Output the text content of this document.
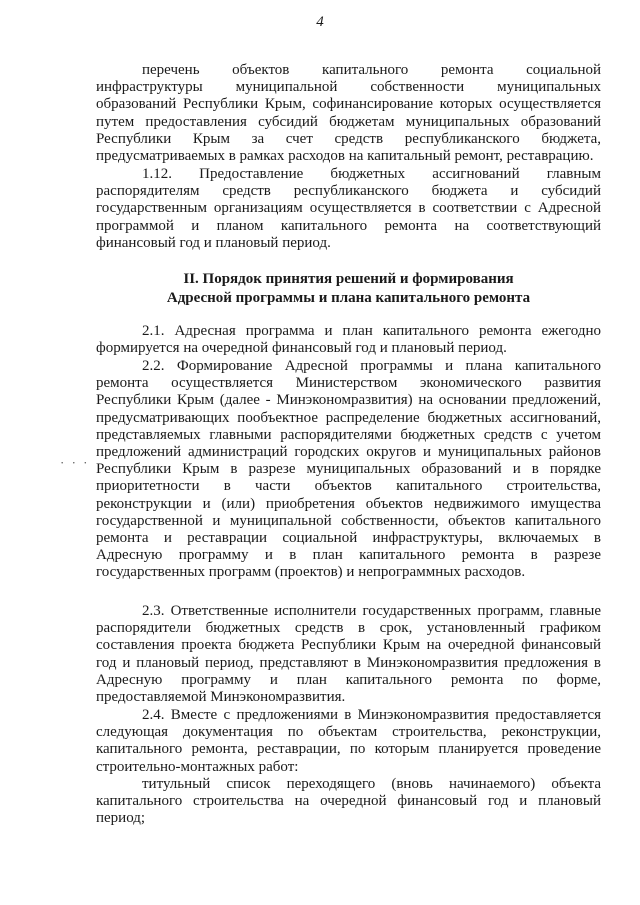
4
перечень объектов капитального ремонта социальной
инфраструктуры муниципальной собственности муниципальных
образований Республики Крым, софинансирование которых осуществляется
путем предоставления субсидий бюджетам муниципальных образований
Республики Крым за счет средств республиканского бюджета,
предусматриваемых в рамках расходов на капитальный ремонт, реставрацию.
1.12. Предоставление бюджетных ассигнований главным
распорядителям средств республиканского бюджета и субсидий
государственным организациям осуществляется в соответствии с Адресной
программой и планом капитального ремонта на соответствующий
финансовый год и плановый период.
II. Порядок принятия решений и формирования
Адресной программы и плана капитального ремонта
2.1. Адресная программа и план капитального ремонта ежегодно
формируется на очередной финансовый год и плановый период.
2.2. Формирование Адресной программы и плана капитального
ремонта осуществляется Министерством экономического развития
Республики Крым (далее - Минэкономразвития) на основании предложений,
предусматривающих пообъектное распределение бюджетных ассигнований,
представляемых главными распорядителями бюджетных средств с учетом
предложений администраций городских округов и муниципальных районов
Республики Крым в разрезе муниципальных образований и в порядке
приоритетности в части объектов капитального строительства,
реконструкции и (или) приобретения объектов недвижимого имущества
государственной и муниципальной собственности, объектов капитального
ремонта и реставрации социальной инфраструктуры, включаемых в
Адресную программу и в план капитального ремонта в разрезе
государственных программ (проектов) и непрограммных расходов.
· · ·
2.3. Ответственные исполнители государственных программ, главные
распорядители бюджетных средств в срок, установленный графиком
составления проекта бюджета Республики Крым на очередной финансовый
год и плановый период, представляют в Минэкономразвития предложения в
Адресную программу и план капитального ремонта по форме,
предоставляемой Минэкономразвития.
2.4. Вместе с предложениями в Минэкономразвития предоставляется
следующая документация по объектам строительства, реконструкции,
капитального ремонта, реставрации, по которым планируется проведение
строительно-монтажных работ:
титульный список переходящего (вновь начинаемого) объекта
капитального строительства на очередной финансовый год и плановый
период;
